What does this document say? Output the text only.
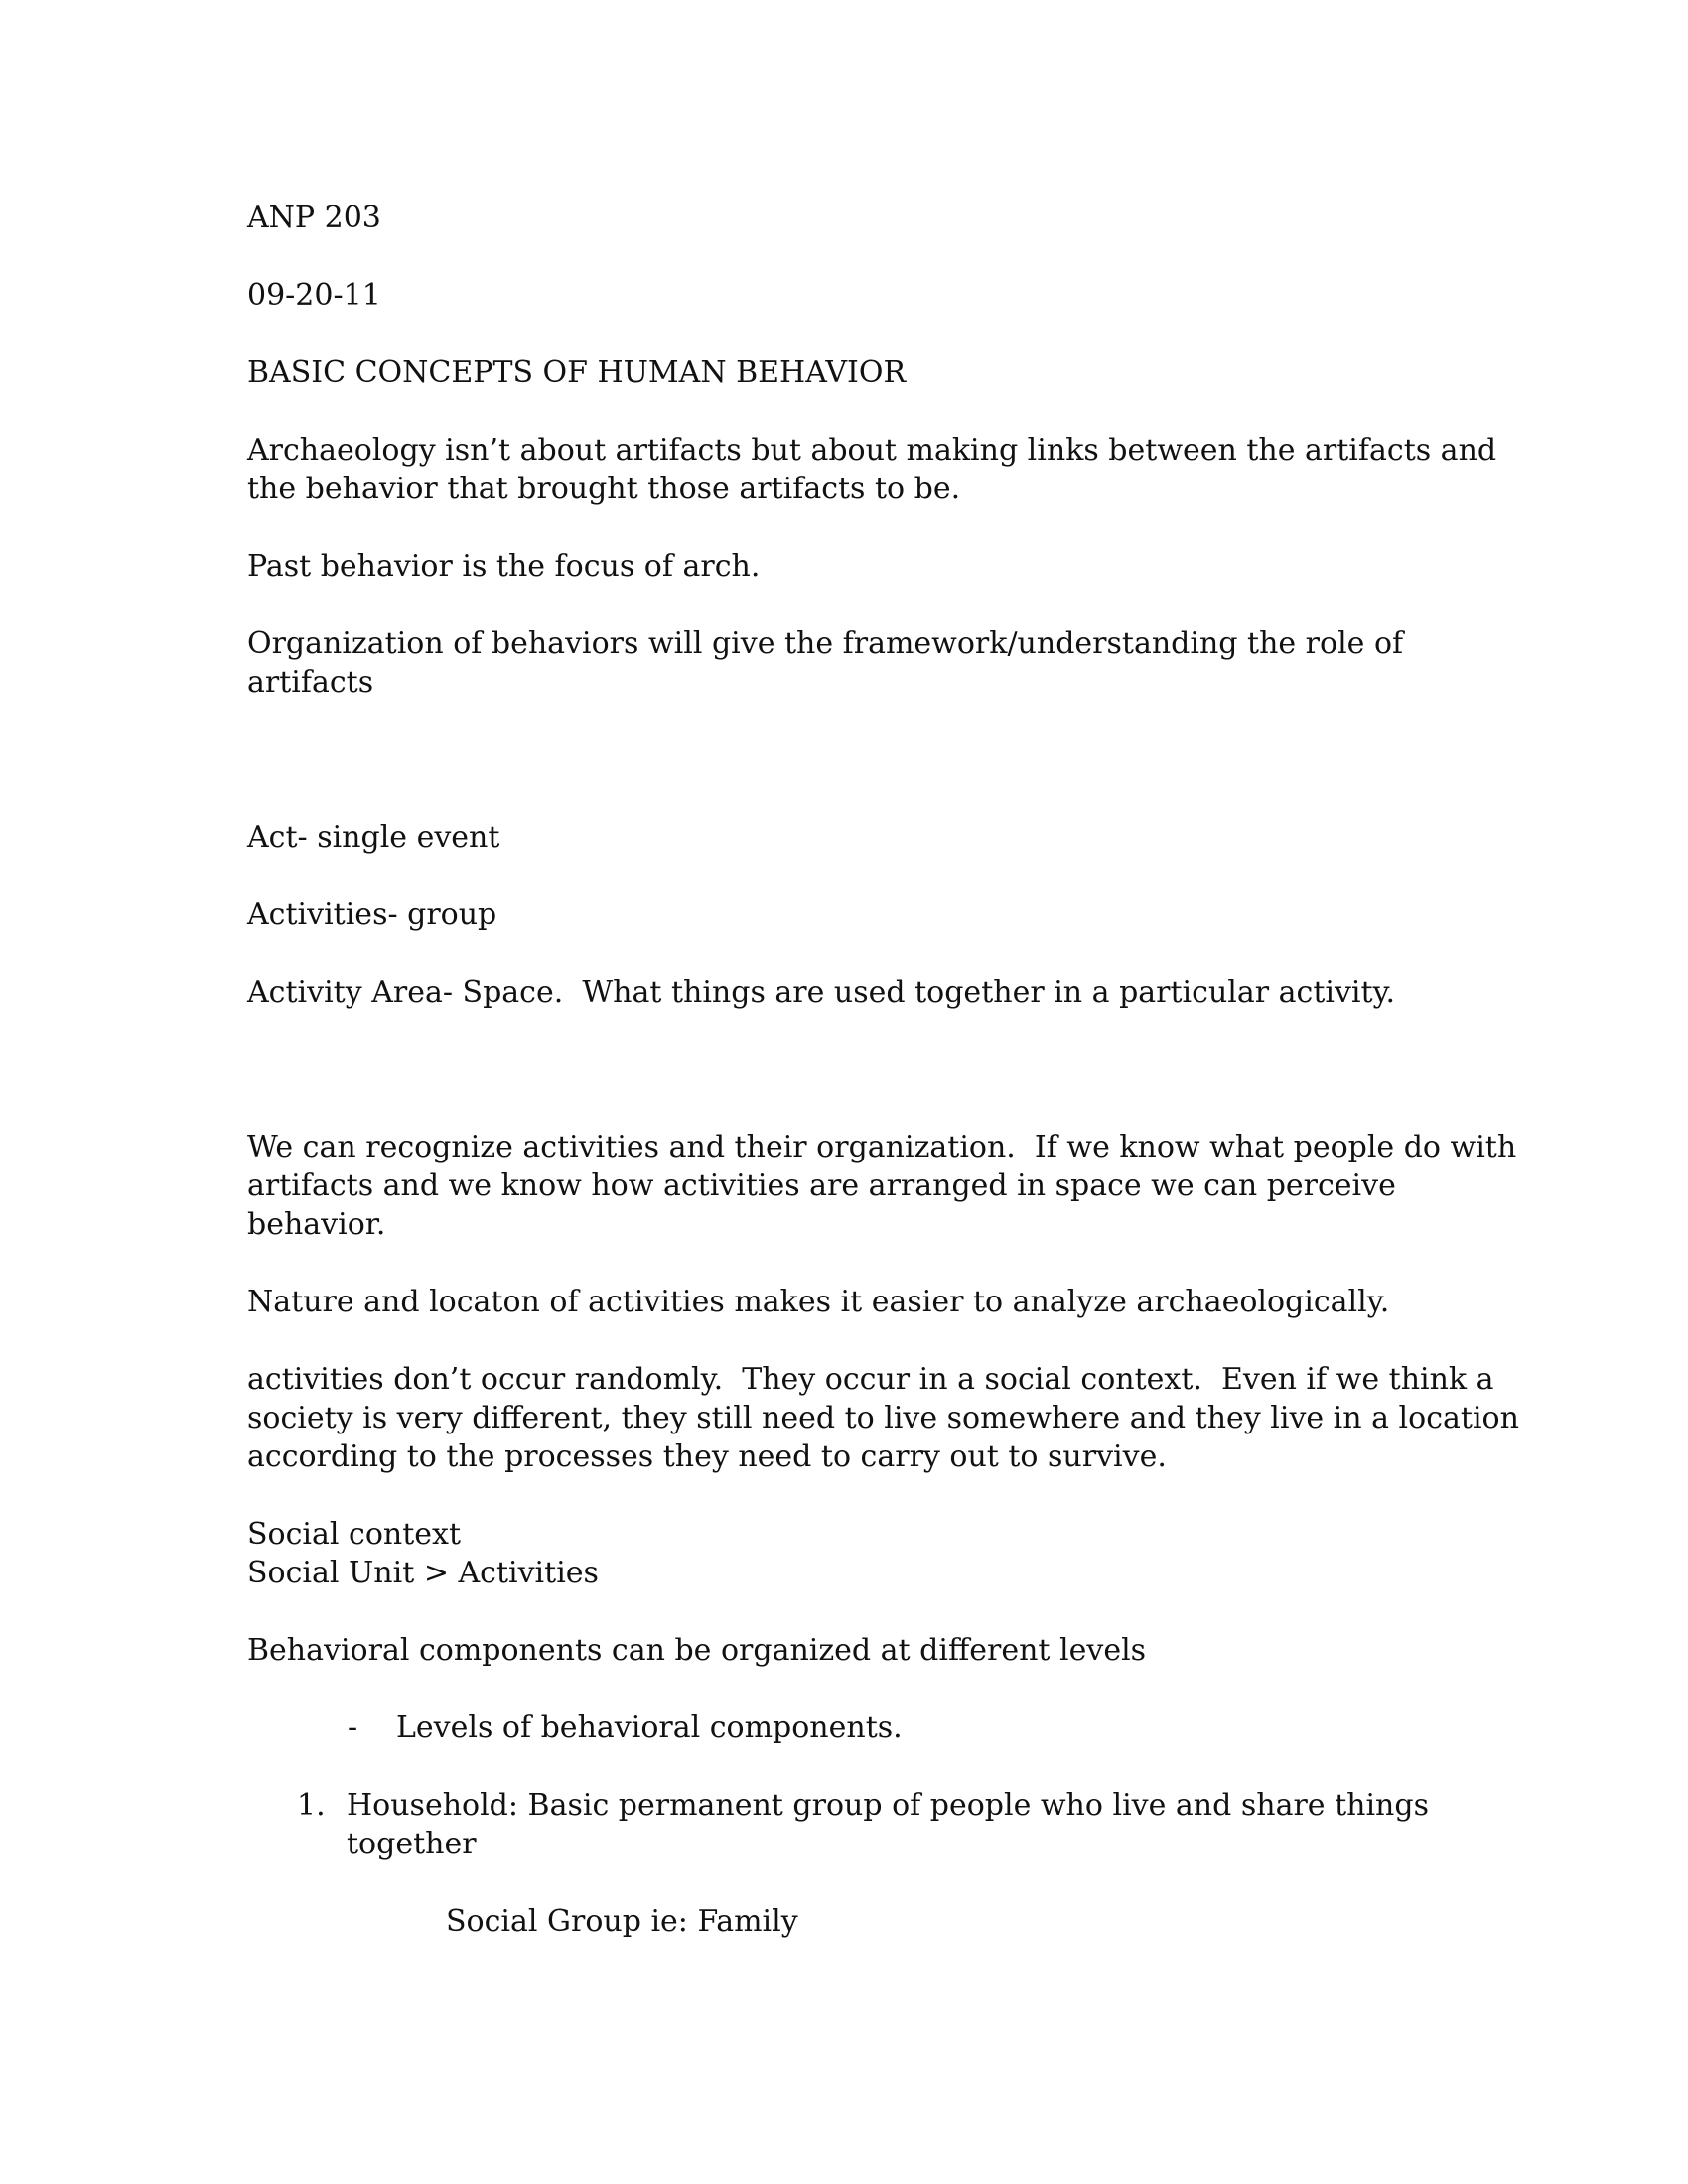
ANP 203

09-20-11

BASIC CONCEPTS OF HUMAN BEHAVIOR

Archaeology isn’t about artifacts but about making links between the artifacts and

the behavior that brought those artifacts to be.

Past behavior is the focus of arch.

Organization of behaviors will give the framework/understanding the role of

artifacts

Act- single event

Activities- group

Activity Area- Space.  What things are used together in a particular activity.

We can recognize activities and their organization.  If we know what people do with

artifacts and we know how activities are arranged in space we can perceive

behavior.

Nature and locaton of activities makes it easier to analyze archaeologically.

activities don’t occur randomly.  They occur in a social context.  Even if we think a

society is very different, they still need to live somewhere and they live in a location

according to the processes they need to carry out to survive.

Social context

Social Unit > Activities

Behavioral components can be organized at different levels

- Levels of behavioral components.

1. Household: Basic permanent group of people who live and share things

together

Social Group ie: Family
